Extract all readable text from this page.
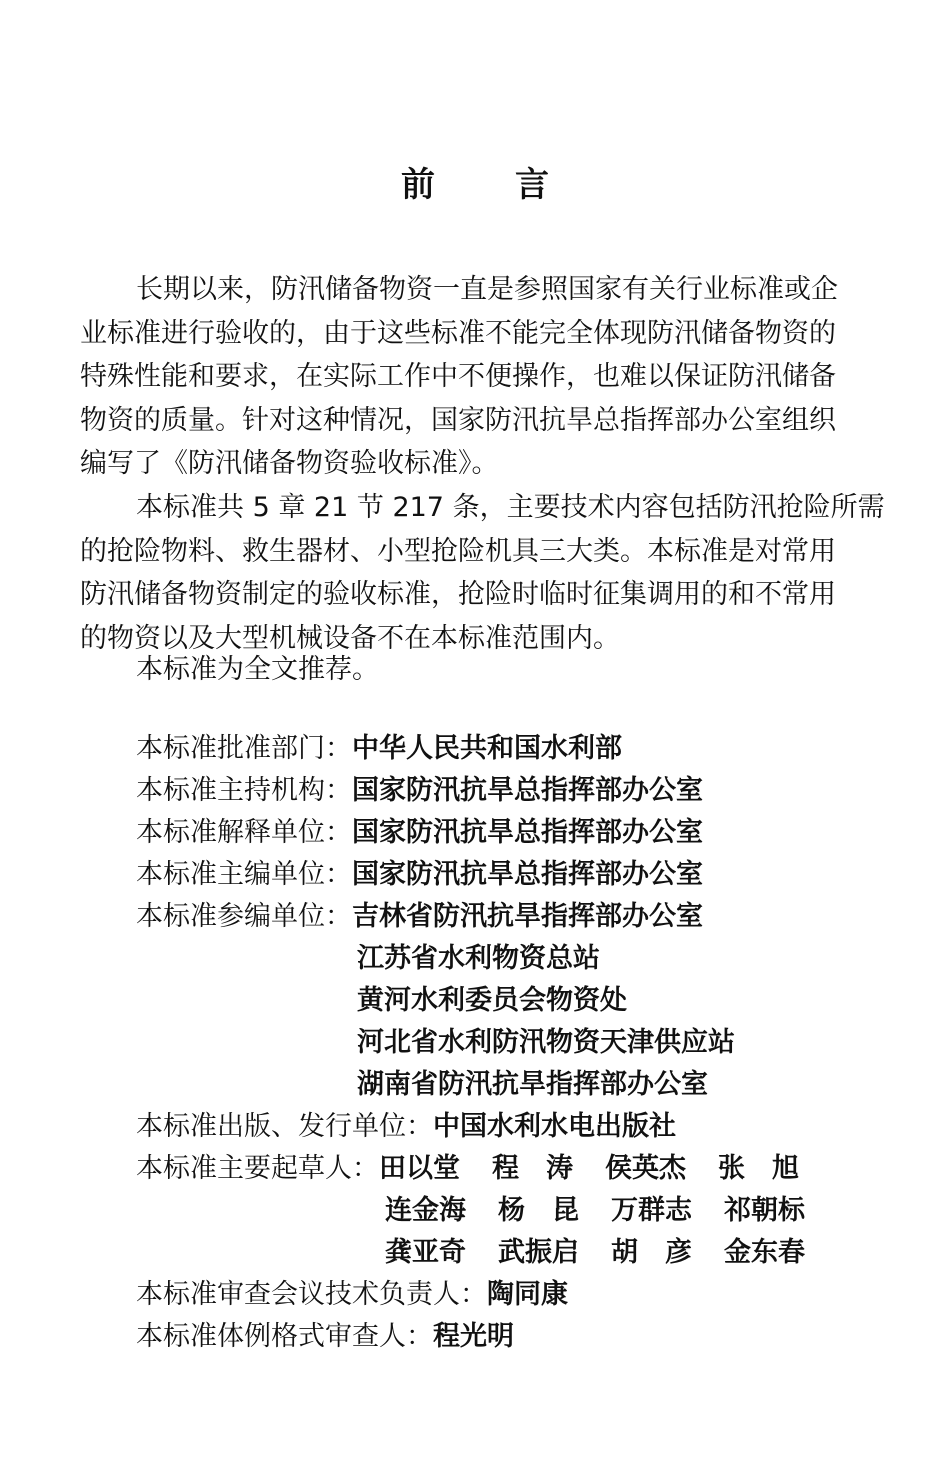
前 言
长期以来，防汛储备物资一直是参照国家有关行业标准或企
业标准进行验收的，由于这些标准不能完全体现防汛储备物资的
特殊性能和要求，在实际工作中不便操作，也难以保证防汛储备
物资的质量。针对这种情况，国家防汛抗旱总指挥部办公室组织
编写了《防汛储备物资验收标准》。
本标准共 5 章 21 节 217 条，主要技术内容包括防汛抢险所需
的抢险物料、救生器材、小型抢险机具三大类。本标准是对常用
防汛储备物资制定的验收标准，抢险时临时征集调用的和不常用
的物资以及大型机械设备不在本标准范围内。
本标准为全文推荐。
本标准批准部门：中华人民共和国水利部
本标准主持机构：国家防汛抗旱总指挥部办公室
本标准解释单位：国家防汛抗旱总指挥部办公室
本标准主编单位：国家防汛抗旱总指挥部办公室
本标准参编单位：吉林省防汛抗旱指挥部办公室
江苏省水利物资总站
黄河水利委员会物资处
河北省水利防汛物资天津供应站
湖南省防汛抗旱指挥部办公室
本标准出版、发行单位：中国水利水电出版社
本标准主要起草人：田以堂 程　涛 侯英杰 张　旭
连金海 杨　昆 万群志 祁朝标
龚亚奇 武振启 胡　彦 金东春
本标准审查会议技术负责人：陶同康
本标准体例格式审查人：程光明
